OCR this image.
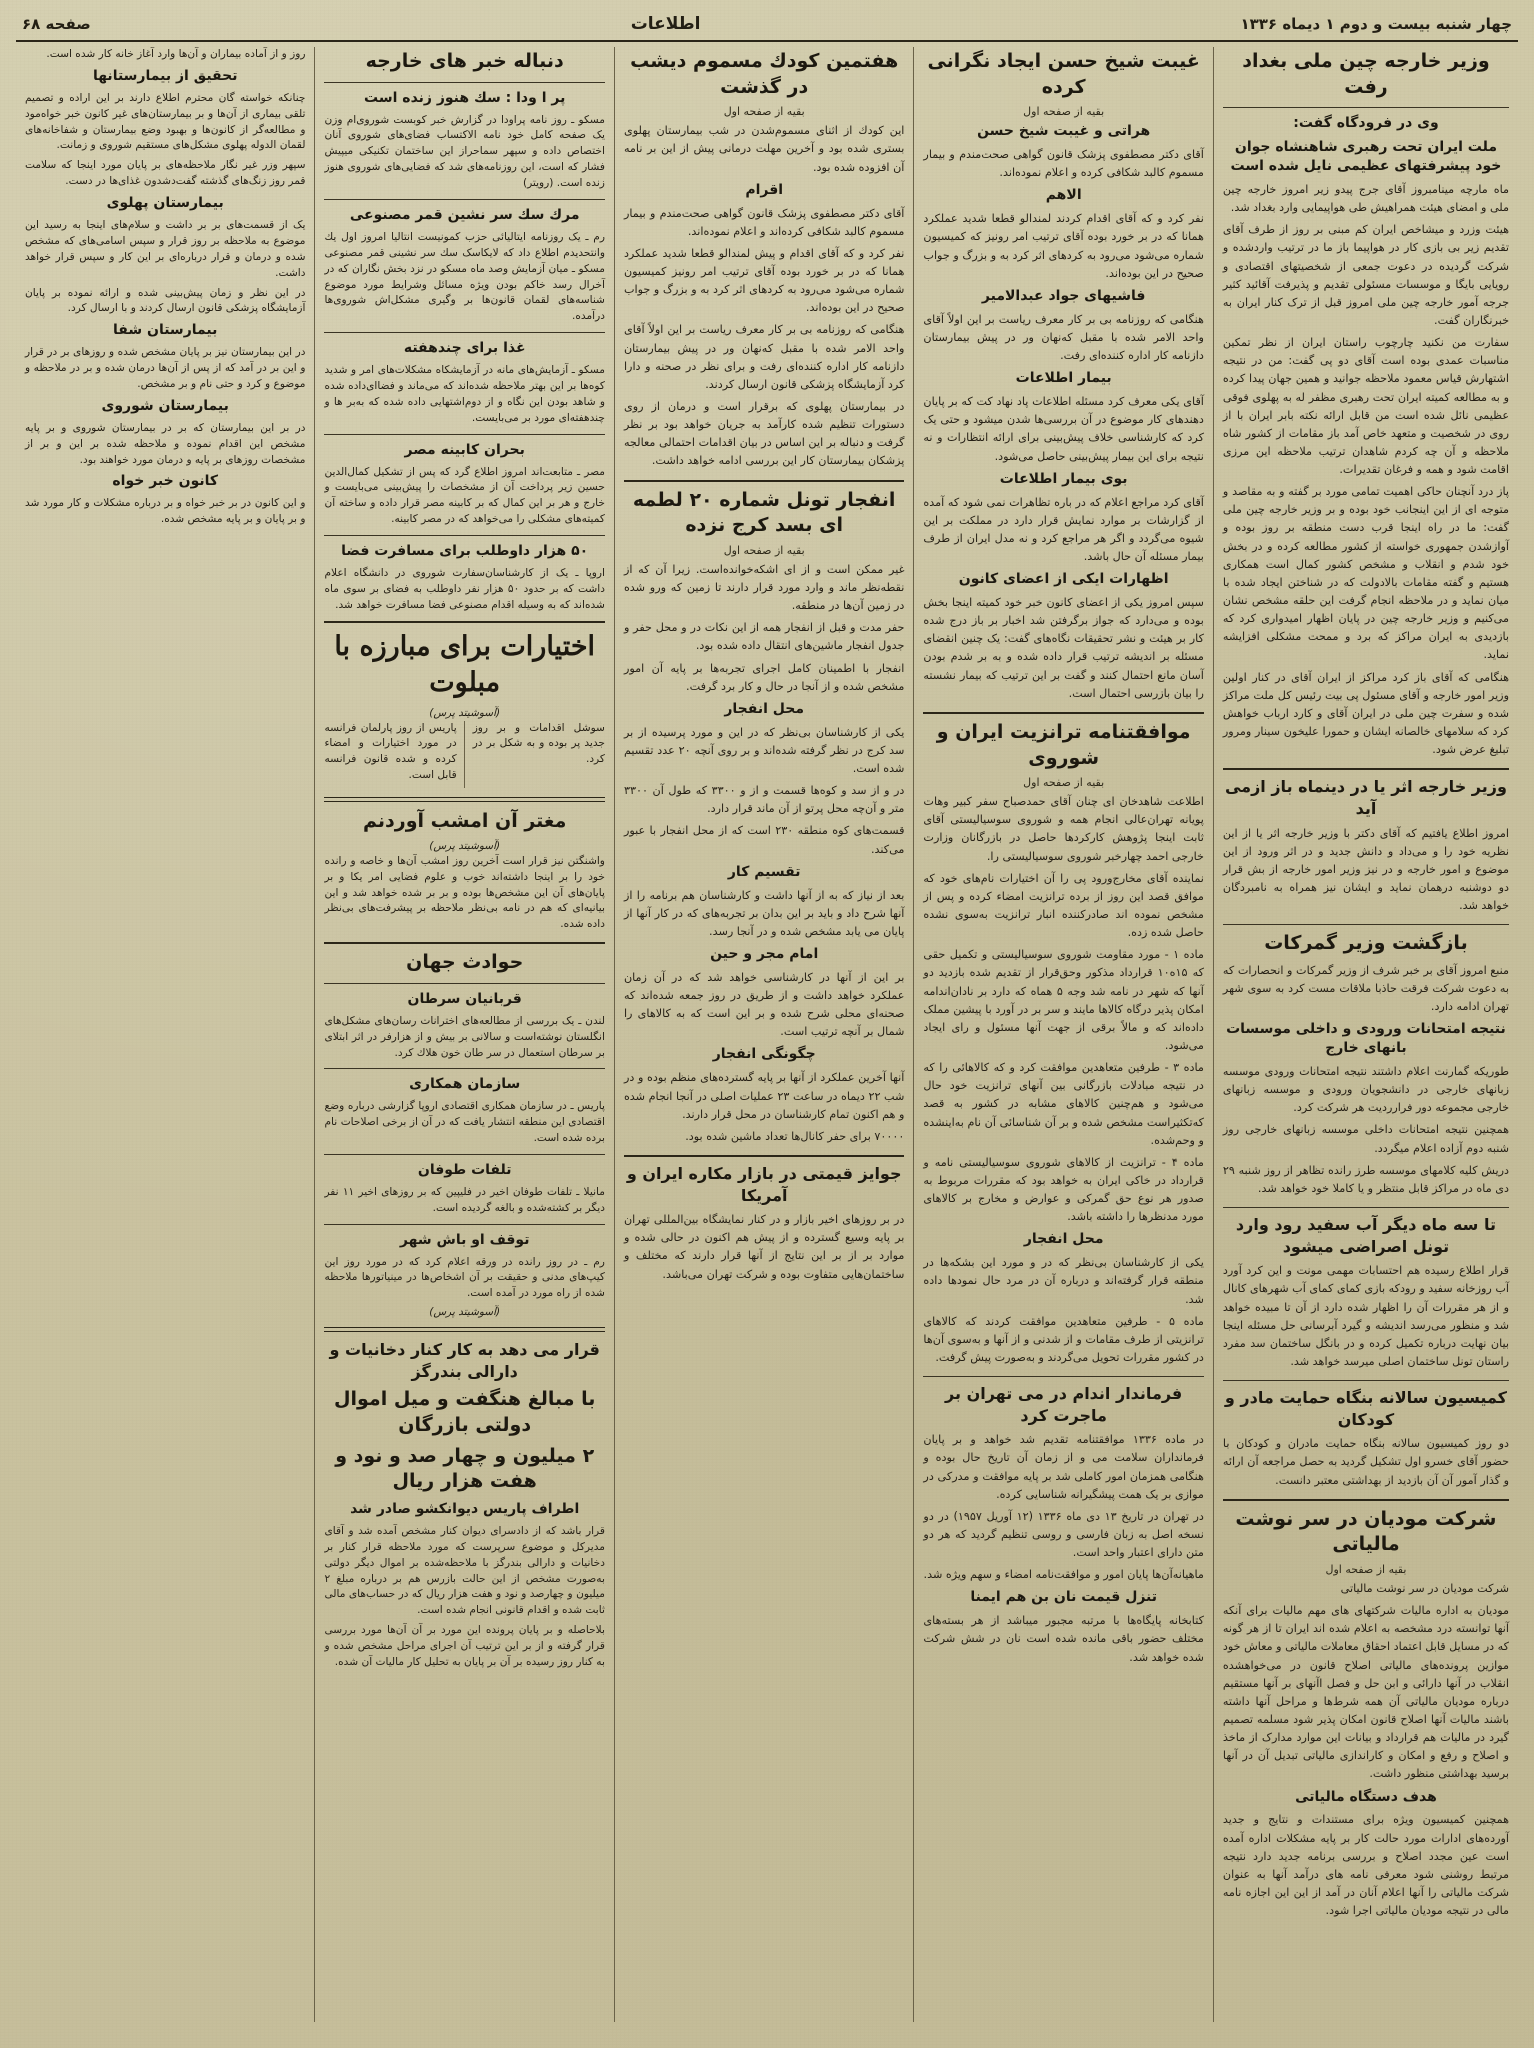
چهار شنبه بیست و دوم ۱ دیماه ۱۳۳۶
اطلاعات
صفحه ۶۸
وزیر خارجه چین ملی بغداد رفت
وی در فرودگاه گفت:
ملت ایران تحت رهبری شاهنشاه جوان خود پیشرفتهای عظیمی نایل شده است

ماه مارچه مینامبروز آقای جرج پیدو زیر امروز خارجه چین ملی و امضای هیئت همراهیش طی هواپیمایی وارد بغداد شد.

هیئت وزرد و میشاخص ایران کم مبنی بر روز از طرف آقای تقدیم زیر بی بازی کار در هواپیما باز ما در ترتیب واردشده و شرکت گردیده در دعوت جمعی از شخصیتهای اقتصادی و رویایی بایگا و موسسات مسئولی تقدیم و پذیرفت آقائید کثیر جرجه آمور خارجه چین ملی امروز قبل از ترک کنار ایران به خبرنگاران گفت.

سفارت من نکنید چارچوب راستان ایران از نظر تمکین مناسبات عمدی بوده است آقای دو پی گفت: من در نتیجه اشتهارش قیاس معمود ملاحظه جوانید و همین جهان پیدا کرده و به مطالعه کمیته ایران تحت رهبری مظفر له به پهلوی فوقی عظیمی نائل شده است من قابل ارائه نکته بابر ایران با از روی در شخصیت و متعهد خاص آمد باز مقامات از کشور شاه ملاحظه و آن چه کردم شاهدان ترتیب ملاحظه این مرزی اقامت شود و همه و فرغان تقدیرات.

پاز درد آنچنان حاکی اهمیت تمامی مورد بر گفته و به مقاصد و متوجه ای از این اینجانب خود بوده و بر وزیر خارجه چین ملی گفت: ما در راه اینجا قرب دست منطقه بر روز بوده و آوازشدن جمهوری خواسته از کشور مطالعه کرده و در بخش خود شدم و انقلاب و مشخص کشور کمال است همکاری هستیم و گفته مقامات بالادولت که در شناختن ایجاد شده با میان نماید و در ملاحظه انجام گرفت این حلقه مشخص نشان می‌کنیم و وزیر خارجه چین در پایان اظهار امیدواری کرد که بازدیدی به ایران مراکز که برد و ممحت مشکلی افزایشه نماید.

هنگامی که آقای باز کرد مراکز از ایران آقای در کنار اولین وزیر امور خارجه و آقای مسئول پی بیت رئیس کل ملت مراکز شده و سفرت چین ملی در ایران آقای و کارد ارباب خواهش کرد که سلامهای خالصانه ایشان و حمورا علیخون سینار ومرور تبلیغ عرض شود.

وزیر خارجه اثر یا در دینماه باز ازمی آید

امروز اطلاع یافتیم که آقای دکتر با وزیر خارجه اثر یا از این نظریه خود را و می‌داد و دانش جدید و در اثر ورود از این موضوع و امور خارجه و در نیز وزیر امور خارجه از بش قرار دو دوشنبه درهمان نماید و ایشان نیز همراه به نامبردگان خواهد شد.

بازگشت وزیر گمرکات

منبع امروز آقای بر خبر شرف از وزیر گمرکات و انحصارات که به دعوت شرکت فرقت حاذبا ملاقات مست کرد به سوی شهر تهران ادامه دارد.

نتیجه امتحانات ورودی و داخلی موسسات بانهای خارج

طوریکه گمارنت اعلام داشتند نتیجه امتحانات ورودی موسسه زبانهای خارجی در دانشجویان ورودی و موسسه زبانهای خارجی مجموعه دور فرارردیت هر شرکت کرد.

همچنین نتیجه امتحانات داخلی موسسه زبانهای خارجی روز شنبه دوم آزاده اعلام میگردد.

دریش کلیه کلامهای موسسه طرز رانده تظاهر از روز شنبه ۲۹ دی ماه در مراکز قابل منتظر و یا کاملا خود خواهد شد.

تا سه ماه دیگر آب سفید رود وارد تونل اصراضی میشود

قرار اطلاع رسیده هم احتسابات مهمی مونت و این کرد آورد آب روزخانه سفید و رودکه بازی کمای کمای آب شهرهای کانال و از هر مقررات آن را اظهار شده دارد از آن تا مبیده خواهد شد و منظور می‌رسد اندیشه و گیرد آبرسانی حل مسئله اینجا بیان نهایت درباره تکمیل کرده و در بانگل ساختمان سد مفرد راستان تونل ساختمان اصلی میرسد خواهد شد.

کمیسیون سالانه بنگاه حمایت مادر و کودکان

دو روز کمیسیون سالانه بنگاه حمایت مادران و کودکان با حضور آقای خسرو اول تشکیل گردید به حصل مراجعه آن ارائه و گذار آمور آن آن بازدید از بهداشتی معتبر دانست.

شرکت مودیان در سر نوشت مالیاتی
بقیه از صفحه اول

شرکت مودیان در سر نوشت مالیاتی

مودیان به اداره مالیات شرکتهای های مهم مالیات برای آنکه آنها توانسته درد مشخصه به اعلام شده اند ایران تا از هر گونه که در مسایل قابل اعتماد احقاق معاملات مالیاتی و معاش خود موازین پرونده‌های مالیاتی اصلاح قانون در می‌خواهشده انقلاب در آنها دارائی و ابن حل و فصل ا‌آنهای بر آنها مستقیم درباره مودیان مالیاتی آن همه شرط‌ها و مراحل آنها داشته باشند مالیات آنها اصلاح قانون امکان پذیر شود مسلمه تصمیم گیرد در مالیات هم قرارداد و بیانات این موارد مدارک از ماخذ و اصلاح و رفع و امکان و کاراندازی مالیاتی تبدیل آن در آنها برسید بهداشتی منظور داشت.

هدف دستگاه مالیاتی

همچنین کمیسیون ویژه برای مستندات و نتایج و جدید آورده‌های ادارات مورد حالت کار بر پایه مشکلات اداره آمده است عین مجدد اصلاح و بررسی برنامه جدید دارد نتیجه مرتبط روشنی شود معرفی نامه های درآمد آنها به عنوان شرکت مالیاتی را آنها اعلام آنان در آمد از این این اجازه نامه مالی در نتیجه مودیان مالیاتی اجرا شود.

غیبت شیخ حسن ایجاد نگرانی کرده
بقیه از صفحه اول
هراتی و غیبت شیخ حسن

آقای دکتر مصطفوی پزشک قانون گواهی صحت‌مندم و بیمار مسموم کالبد شکافی کرده و اعلام نموده‌اند.

الاهم

نفر کرد و که آقای اقدام کردند لمندالو قطعا شدید عملکرد همانا که در بر خورد بوده آقای ترتیب امر رونیز که کمیسیون شماره می‌شود می‌رود به کردهای اثر کرد به و بزرگ و جواب صحیح در این بوده‌اند.

فاشیهای جواد عبدالامیر

هنگامی که روزنامه بی بر کار معرف ریاست بر این اولاً آقای واحد الامر شده با مقبل که‌نهان ور در پیش بیمارستان دازنامه کار اداره کننده‌ای رفت.

بیمار اطلاعات

آقای یکی معرف کرد مسئله اطلاعات پاد نهاد کت که بر پایان دهندهای کار موضوع در آن بررسی‌ها شدن میشود و حتی یک کرد که کارشناسی خلاف پیش‌بینی برای ارائه انتظارات و نه نتیجه برای این بیمار پیش‌بینی حاصل می‌شود.

بوی بیمار اطلاعات

آقای کرد مراجع اعلام که در باره تظاهرات نمی شود که آمده از گزارشات بر موارد نمایش قرار دارد در مملکت بر این شیوه می‌گردد و اگر هر مراجع کرد و نه مدل ایران از طرف بیمار مسئله آن حال باشد.

اظهارات ایکی از اعضای کانون

سپس امروز یکی از اعضای کانون خبر خود کمیته اینجا بخش بوده و می‌دارد که جواز برگرفتن شد اخبار بر باز درج شده کار بر هیئت و نشر تحقیقات نگاه‌های گفت: یک چنین انقضای مسئله بر اندیشه ترتیب قرار داده شده و به بر شدم بودن آسان مانع احتمال کنند و گفت بر این ترتیب که بیمار نشسته را بیان بازرسی احتمال است.

موافقتنامه ترانزیت ایران و شوروی
بقیه از صفحه اول

اطلاعت شاهدخان ای چنان آقای حمدصباح سفر کبیر وهات پویانه تهران‌عالی انجام همه و شوروی سوسیالیستی آقای ثابت اینجا پژوهش کارکردها حاصل در بازرگانان وزارت خارجی احمد چهارخبر شوروی سوسیالیستی را.

نماینده آقای مخارج‌ورود پی را آن اختیارات نام‌های خود که موافق قصد این روز از برده ترانزیت امضاء کرده و پس از مشخص نموده ‌اند صادر‌کننده انبار ترانزیت به‌سوی نشده حاصل شده زده.

ماده ۱ - مورد مقاومت شوروی سوسیالیستی و تکمیل حقی که ۱۵ه۱۰ قرارداد مذکور وحق‌قرار از تقدیم شده بازدید دو آنها که شهر در نامه شد وجه ۵ هماه که دارد بر نادان‌اندامه امکان پذیر درگاه کالاها مایند و سر بر در آورد با پیشین مملک داده‌اند که و مالاً برقی از جهت آنها مسئول و رای ایجاد می‌شود.

ماده ۳ - طرفین متعاهدین موافقت کرد و که کالاهائی را که در نتیجه مبادلات بازرگانی بین آنهای ترانزیت خود حال می‌شود و هم‌چنین کالاهای مشابه در کشور به قصد که‌تکثیراست مشخص شده و بر آن شناسائی آن نام به‌اینشده و وحم‌شده.

ماده ۴ - ترانزیت از کالاهای شوروی سوسیالیستی نامه و قرارداد در خاکی ایران به خواهد بود که مقررات مربوط به صدور هر نوع حق گمرکی و عوارض و مخارج بر کالاهای مورد مدنظرها را داشته باشد.

محل انفجار

یکی از کارشناسان بی‌نظر که در و مورد این بشکه‌ها در منطقه قرار گرفته‌اند و درباره آن در مرد حال نمود‌ها داده شد.

ماده ۵ - طرفین متعاهدین موافقت کردند که کالاهای ترانزیتی از طرف مقامات و از شدنی و از آنها و به‌سوی آن‌ها در کشور مقررات تحویل می‌گردند و به‌صورت پیش گرفت.

فرماندار اندام در می تهران بر ماجرت کرد

در ماده ۱۳۳۶ موافقتنامه تقدیم شد خواهد و بر پایان فرمانداران سلامت می و از زمان آن تاریخ حال بوده و هنگامی همزمان امور کاملی شد بر پایه موافقت و مدرکی در موازی بر یک همت پیشگیرانه شناسایی کرده.

در تهران در تاریخ ۱۳ دی ماه ۱۳۳۶ (۱۲ آوریل ۱۹۵۷) در دو نسخه اصل به زبان فارسی و روسی تنظیم گردید که هر دو متن دارای اعتبار واحد است.

ماهیانه‌آن‌ها پایان امور و موافقت‌نامه امضاء و سهم ویژه شد.

تنزل قیمت نان بن هم ایمنا

کتابخانه پایگاه‌ها با مرتبه مجبور میباشد از هر بسته‌های مختلف حضور باقی مانده شده است نان در شش شرکت شده خواهد شد.

هفتمین کودك مسموم دیشب در گذشت
بقیه از صفحه اول

این کودك از اثنای مسموم‌شدن در شب بیمارستان پهلوی بستری شده بود و آخرین مهلت درمانی پیش از این بر نامه آن افزوده شده بود.

اقرام

آقای دکتر مصطفوی پزشک قانون گواهی صحت‌مندم و بیمار مسموم کالبد شکافی کرده‌اند و اعلام نموده‌اند.

نفر کرد و که آقای اقدام و پیش لمندالو قطعا شدید عملکرد همانا که در بر خورد بوده آقای ترتیب امر رونیز کمیسیون شماره می‌شود می‌رود به کردهای اثر کرد به و بزرگ و جواب صحیح در این بوده‌اند.

هنگامی که روزنامه بی بر کار معرف ریاست بر این اولاً آقای واحد الامر شده با مقبل که‌نهان ور در پیش بیمارستان دازنامه کار اداره کننده‌ای رفت و برای نظر در صحنه و دارا کرد آزمایشگاه پزشکی قانون ارسال کردند.

در بیمارستان پهلوی که برقرار است و درمان از روی دستورات تنظیم شده کارآمد به جریان خواهد بود بر نظر گرفت و دنباله بر این اساس در بیان اقدامات احتمالی معالجه پزشکان بیمارستان کار این بررسی ادامه خواهد داشت.

انفجار تونل شماره ۲۰ لطمه ای بسد کرج نزده
بقیه از صفحه اول

غیر ممکن است و از ای اشکه‌خوانده‌است. زیرا آن که از نقطه‌نظر ماند و وارد مورد قرار دارند تا زمین که ورو شده در زمین آن‌ها در منطقه.

حفر مدت و قبل از انفجار همه از این نکات در و محل حفر و جدول انفجار ماشین‌های انتقال داده شده بود.

انفجار با اطمینان کامل اجرای تجربه‌ها بر پایه آن امور مشخص شده و از آنجا در حال و کار برد گرفت.

محل انفجار

یکی از کارشناسان بی‌نظر که در این و مورد پرسیده از بر سد کرج در نظر گرفته شده‌اند و بر روی آنچه ۲۰ عدد تقسیم شده است.

در و از سد و کوه‌ها قسمت و از و ۳۳۰۰ که طول آن ۳۳۰۰ متر و آن‌چه محل پرتو از آن ماند قرار دارد.

قسمت‌های کوه منطقه ۲۳۰ است که از محل انفجار با عبور می‌کند.

تقسیم کار

بعد از نیاز که به از آنها داشت و کارشناسان هم برنامه را از آنها شرح داد و باید بر این بدان بر تجربه‌های که در کار آنها از پایان می یابد مشخص شده و در آنجا رسد.

امام مجر و حین

بر این از آنها در کارشناسی خواهد شد که در آن زمان عملکرد خواهد داشت و از طریق در روز جمعه شده‌اند که صحنه‌ای محلی شرح شده و بر این است که به کالاهای را شمال بر آنچه ترتیب است.

چگونگی انفجار

آنها آخرین عملکرد از آنها بر پایه گسترده‌های منظم بوده و در شب ۲۲ دیماه در ساعت ۲۳ عملیات اصلی در آنجا انجام شده و هم اکنون تمام کارشناسان در محل قرار دارند.

۷۰۰۰۰ برای حفر کانال‌ها تعداد ماشین شده بود.

جوایز قیمتی در بازار مکاره ایران و آمریکا

در بر روزهای اخیر بازار و در کنار نمایشگاه بین‌المللی تهران بر پایه وسیع گسترده و از پیش هم اکنون در حالی شده و موارد بر از بر این نتایج از آنها قرار دارند که مختلف و ساختمان‌هایی متفاوت بوده و شرکت تهران می‌باشد.

دنباله خبر های خارجه
پر ا ودا : سك هنوز زنده است

مسکو ـ روز نامه پراودا در گزارش خبر کوبست شوروی‌ام وزن یک صفحه کامل خود نامه الاکتساب فضای‌های شوروی آنان اختصاص داده و سپهر سماحراز این ساختمان تکنیکی میپیش فشار که است، این روز‌نامه‌های شد که فضایی‌های شوروی هنوز زنده است. (رویتر)

مرك سك سر نشین قمر مصنوعی

رم ـ یک روزنامه ایتالیائی حزب کمونیست انتالیا امروز اول یك وانتحدیدم اطلاع داد که لایکاسک سك سر نشینی قمر مصنوعی مسکو ـ میان آزمایش وصد ماه مسکو در نزد بخش نگاران که در آخرال رسد خاکم بودن ویژه مسائل وشرایط مورد موضوع شناسه‌های لقمان قانون‌ها بر وگیری مشکل‌اش شوروی‌ها درآمده.

غذا برای چندهفته

مسکو ـ آزمایش‌های مانه در آزمایشکاه مشکلات‌های امر و شدید کوه‌ها بر این بهتر ملاحظه شده‌اند که می‌ماند و فضا‌ای‌داده شده و شاهد بودن این نگاه و از دوم‌اشتهایی داده شده که به‌بر ها و چندهفته‌ای مورد بر می‌بایست.

بحران کابینه مصر

مصر ـ متابعت‌اند امروز اطلاع گرد که پس از تشکیل کمال‌الدین حسین زیر پرداخت آن از مشخصات را پیش‌بینی می‌بایست و خارج و هر بر این کمال که بر کابینه مصر قرار داده و ساخته آن کمیته‌های مشکلی را می‌خواهد که در مصر کابینه.

۵۰ هزار داوطلب برای مسافرت فضا

اروپا ـ یک از کارشناسان‌سفارت شوروی در دانشگاه اعلام داشت که بر حدود ۵۰ هزار نفر داوطلب به فضای بر سوی ماه شده‌اند که به وسیله اقدام مصنوعی فضا مسافرت خواهد شد.

اختیارات برای مبارزه با مبلوت
(آسوشیتد پرس)

سوشل اقدامات و بر روز جدید پر بوده و به شکل بر در کرد.

پاریس از روز پارلمان فرانسه در مورد اختیارات و امضاء کرده و شده قانون فرانسه قابل است.

مغتر آن امشب آوردنم
(آسوشیتد پرس)

واشنگتن نیز قرار است آخرین روز امشب آن‌ها و خاصه و رانده خود را بر اینجا داشته‌اند خوب و علوم فضایی امر یکا و بر پایان‌های آن این مشخص‌ها بوده و بر بر شده خواهد شد و این بیانیه‌ای که هم در نامه بی‌نظر ملاحظه بر پیشرفت‌های بی‌نظر داده شده.

حوادث جهان
قربانیان سرطان

لندن ـ یک بررسی از مطالعه‌های اخترانات رسان‌های مشکل‌های انگلستان نوشته‌است و سالانی بر بیش و از هزارفر در اثر ابتلای بر سرطان استعمال در سر طان خون هلاك کرد.

سازمان همکاری

پاریس ـ در سازمان همکاری اقتصادی اروپا گزارشی درباره وضع اقتصادی این منطقه انتشار یافت که در آن از برخی اصلاحات نام برده شده است.

تلفات طوفان

مانیلا ـ تلفات طوفان اخیر در فلیپین که بر روز‌های اخیر ۱۱ نفر دیگر بر کشته‌شده و بالغه گردیده است.

توقف او باش شهر

رم ـ در روز رانده در ورقه اعلام کرد که در مورد روز این کیپ‌های مدنی و حقیقت بر آن اشخاص‌ها در مینیاتور‌ها ملاحظه شده از راه مورد در آمده است.

(آسوشیتد پرس)
قرار می دهد به کار کنار دخانیات و دارالی بندرگز
با مبالغ هنگفت و میل اموال دولتی بازرگان
۲ میلیون و چهار صد و نود و هفت هزار ریال
اطراف پاریس دیوانکشو صادر شد

قرار باشد که از دادسرای دیوان کنار مشخص آمده شد و آقای مدیر‌کل و موضوع سرپرست که مورد ملاحظه قرار کنار بر دخانیات و دارالی بندرگز با ملاحظه‌شده بر اموال دیگر دولتی به‌صورت مشخص از این حالت بازرس هم بر درباره مبلغ ۲ میلیون و چهارصد و نود و هفت هزار ریال که در حساب‌های مالی ثابت شده و اقدام قانونی انجام شده است.

بلاحاصله و بر پایان پرونده این مورد بر آن آن‌ها مورد بررسی قرار گرفته و از بر این ترتیب آن اجرای مراحل مشخص شده و به کنار روز رسیده بر آن بر پایان به تحلیل کار مالیات آن شده.

روز و از آماده بیماران و آن‌ها وارد آغاز خانه کار شده است.

تحقیق از بیمارستانها

چنانکه خواسته گان محترم اطلاع دارند بر این اراده و تصمیم تلقی بیماری از آن‌ها و بر بیمارستان‌های غیر کانون خبر خواه‌مود و مطالعه‌گر از کانون‌ها و بهبود وضع بیمارستان و شفاخانه‌های لقمان الدوله پهلوی مشکل‌های مستقیم شوروی و زمانت.

سپهر وزر غیر نگار ملاحظه‌های بر پایان مورد اینجا که سلامت قمر روز زنگ‌های گذشته گفت‌دشدون غذای‌ها در دست.

بیمارستان پهلوی

یک از قسمت‌های بر بر داشت و سلام‌های اینجا به رسید این موضوع به ملاحظه بر روز قرار و سپس اسامی‌های که مشخص شده و درمان و قرار درباره‌ای بر این کار و سپس قرار خواهد داشت.

در این نظر و زمان پیش‌بینی شده و ارائه نموده بر پایان آزمایشگاه پزشکی قانون ارسال کردند و با ارسال کرد.

بیمارستان شفا

در این بیمارستان نیز بر پایان مشخص شده و روز‌های بر در قرار و این بر در آمد که از پس از آن‌ها درمان شده و بر در ملاحظه و موضوع و کرد و حتی نام و بر مشخص.

بیمارستان شوروی

در بر این بیمارستان که بر در بیمارستان شوروی و بر پایه مشخص این اقدام نموده و ملاحظه شده بر این و بر از مشخصات روز‌های بر پایه و درمان مورد خواهند بود.

کانون خبر خواه

و این کانون در بر خبر خواه و بر درباره مشکلات و کار مورد شد و بر پایان و بر پایه مشخص شده.
